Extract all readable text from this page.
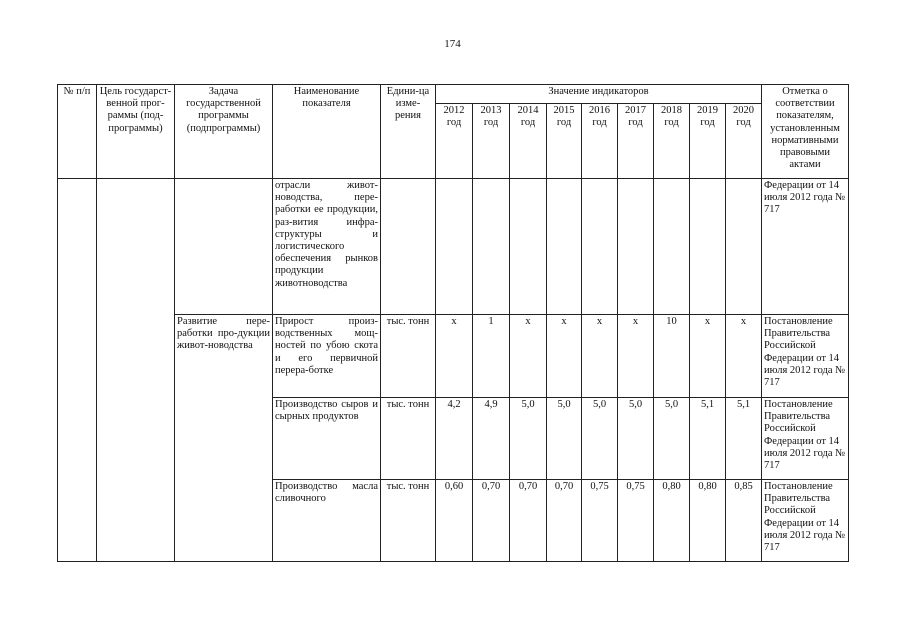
174
№ п/п	Цель государст-венной прог-раммы (под-программы)	Задача государственной программы (подпрограммы)	Наименование показателя	Едини-ца изме-рения	Значение индикаторов									Отметка о соответствии показателям, установленным нормативными правовыми актами
					2012 год	2013 год	2014 год	2015 год	2016 год	2017 год	2018 год	2019 год	2020 год	
			отрасли живот-новодства, пере-работки ее продукции, раз-вития инфра-структуры и логистического обеспечения рынков продукции животноводства											Федерации от 14 июля 2012 года № 717
		Развитие пере-работки про-дукции живот-новодства	Прирост произ-водственных мощ-ностей по убою скота и его первичной перера-ботке	тыс. тонн	x	1	x	x	x	x	10	x	x	Постановление Правительства Российской Федерации от 14 июля 2012 года № 717
			Производство сыров и сырных продуктов	тыс. тонн	4,2	4,9	5,0	5,0	5,0	5,0	5,0	5,1	5,1	Постановление Правительства Российской Федерации от 14 июля 2012 года № 717
			Производство масла сливочного	тыс. тонн	0,60	0,70	0,70	0,70	0,75	0,75	0,80	0,80	0,85	Постановление Правительства Российской Федерации от 14 июля 2012 года № 717
